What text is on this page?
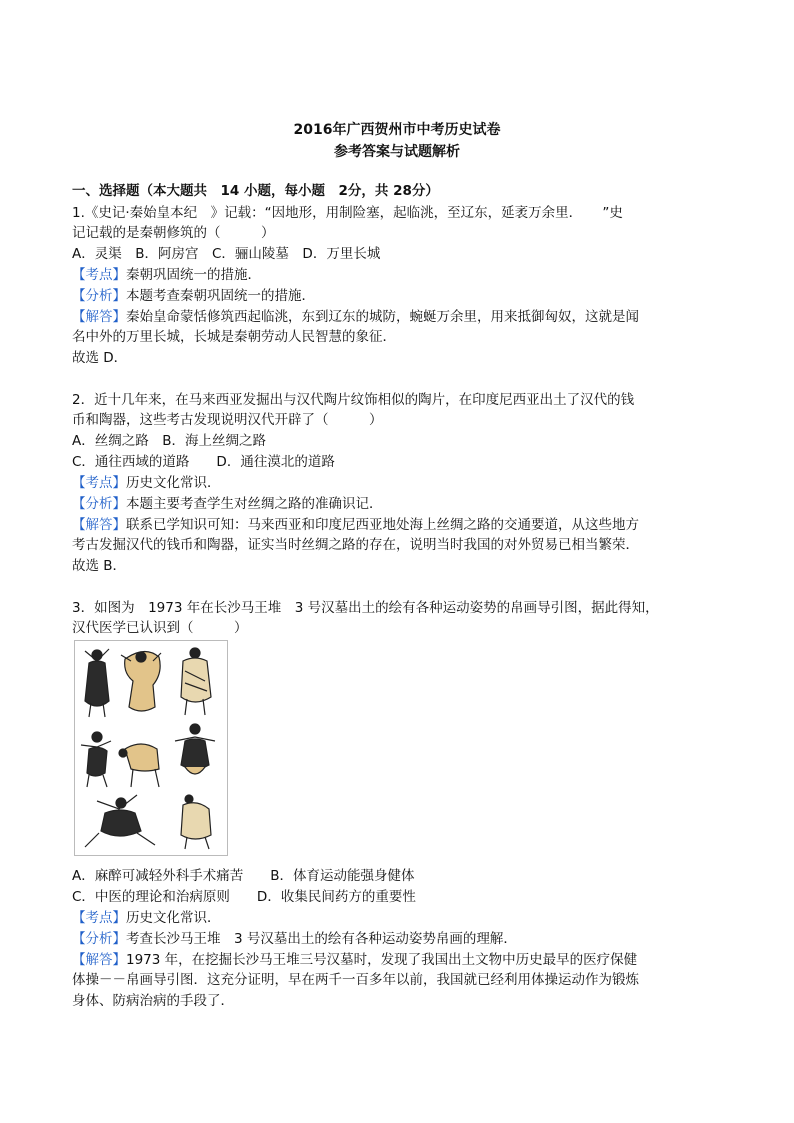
2016年广西贺州市中考历史试卷
参考答案与试题解析
一、选择题（本大题共　14 小题，每小题　2分，共 28分）
1.《史记·秦始皇本纪　》记载：“因地形，用制险塞，起临洮，至辽东，延袤万余里．　　”史
记记载的是秦朝修筑的（　　　）
A．灵渠　B．阿房宫　C．骊山陵墓　D．万里长城
【考点】秦朝巩固统一的措施．
【分析】本题考查秦朝巩固统一的措施．
【解答】秦始皇命蒙恬修筑西起临洮，东到辽东的城防，蜿蜒万余里，用来抵御匈奴，这就是闻
名中外的万里长城，长城是秦朝劳动人民智慧的象征．
故选 D．
2．近十几年来，在马来西亚发掘出与汉代陶片纹饰相似的陶片，在印度尼西亚出土了汉代的钱
币和陶器，这些考古发现说明汉代开辟了（　　　）
A．丝绸之路　B．海上丝绸之路
C．通往西域的道路　　D．通往漠北的道路
【考点】历史文化常识．
【分析】本题主要考查学生对丝绸之路的准确识记．
【解答】联系已学知识可知：马来西亚和印度尼西亚地处海上丝绸之路的交通要道，从这些地方
考古发掘汉代的钱币和陶器，证实当时丝绸之路的存在，说明当时我国的对外贸易已相当繁荣．
故选 B．
3．如图为　1973 年在长沙马王堆　3 号汉墓出土的绘有各种运动姿势的帛画导引图，据此得知，
汉代医学已认识到（　　　）
A．麻醉可减轻外科手术痛苦　　B．体育运动能强身健体
C．中医的理论和治病原则　　D．收集民间药方的重要性
【考点】历史文化常识．
【分析】考查长沙马王堆　3 号汉墓出土的绘有各种运动姿势帛画的理解．
【解答】1973 年，在挖掘长沙马王堆三号汉墓时，发现了我国出土文物中历史最早的医疗保健
体操－－帛画导引图．这充分证明，早在两千一百多年以前，我国就已经利用体操运动作为锻炼
身体、防病治病的手段了．
